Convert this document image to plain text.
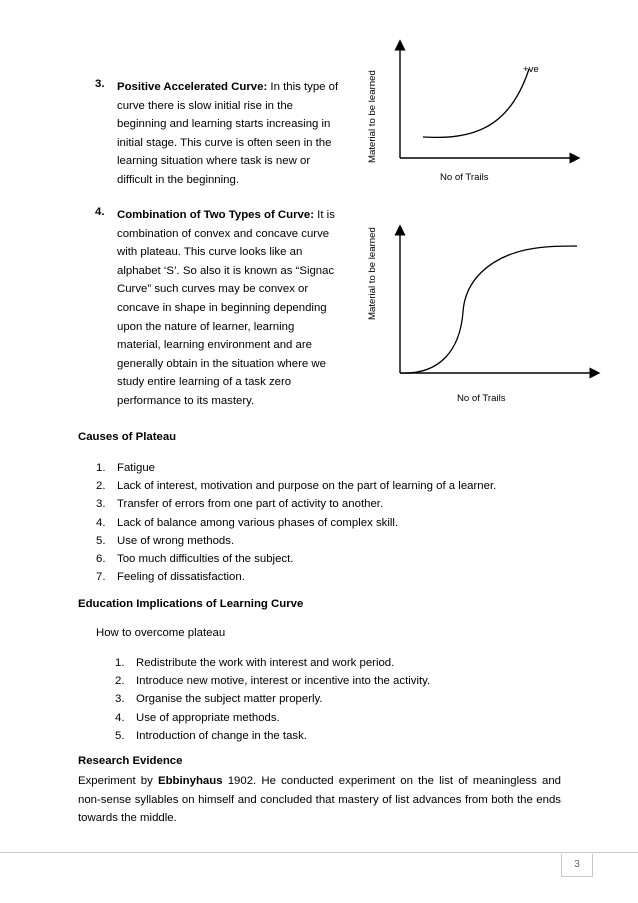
3. Positive Accelerated Curve: In this type of
curve there is slow initial rise in the
beginning and learning starts increasing in
initial stage. This curve is often seen in the
learning situation where task is new or
difficult in the beginning.
4. Combination of Two Types of Curve: It is
combination of convex and concave curve
with plateau. This curve looks like an
alphabet ‘S’. So also it is known as “Signac
Curve” such curves may be convex or
concave in shape in beginning depending
upon the nature of learner, learning
material, learning environment and are
generally obtain in the situation where we
study entire learning of a task zero
performance to its mastery.
Material to be learned
No of Trails
+ve
Material to be learned
No of Trails
Causes of Plateau
1. Fatigue
2. Lack of interest, motivation and purpose on the part of learning of a learner.
3. Transfer of errors from one part of activity to another.
4. Lack of balance among various phases of complex skill.
5. Use of wrong methods.
6. Too much difficulties of the subject.
7. Feeling of dissatisfaction.
Education Implications of Learning Curve
How to overcome plateau
1. Redistribute the work with interest and work period.
2. Introduce new motive, interest or incentive into the activity.
3. Organise the subject matter properly.
4. Use of appropriate methods.
5. Introduction of change in the task.
Research Evidence
Experiment by Ebbinyhaus 1902. He conducted experiment on the list of meaningless and non-sense syllables on himself and concluded that mastery of list advances from both the ends towards the middle.
3
